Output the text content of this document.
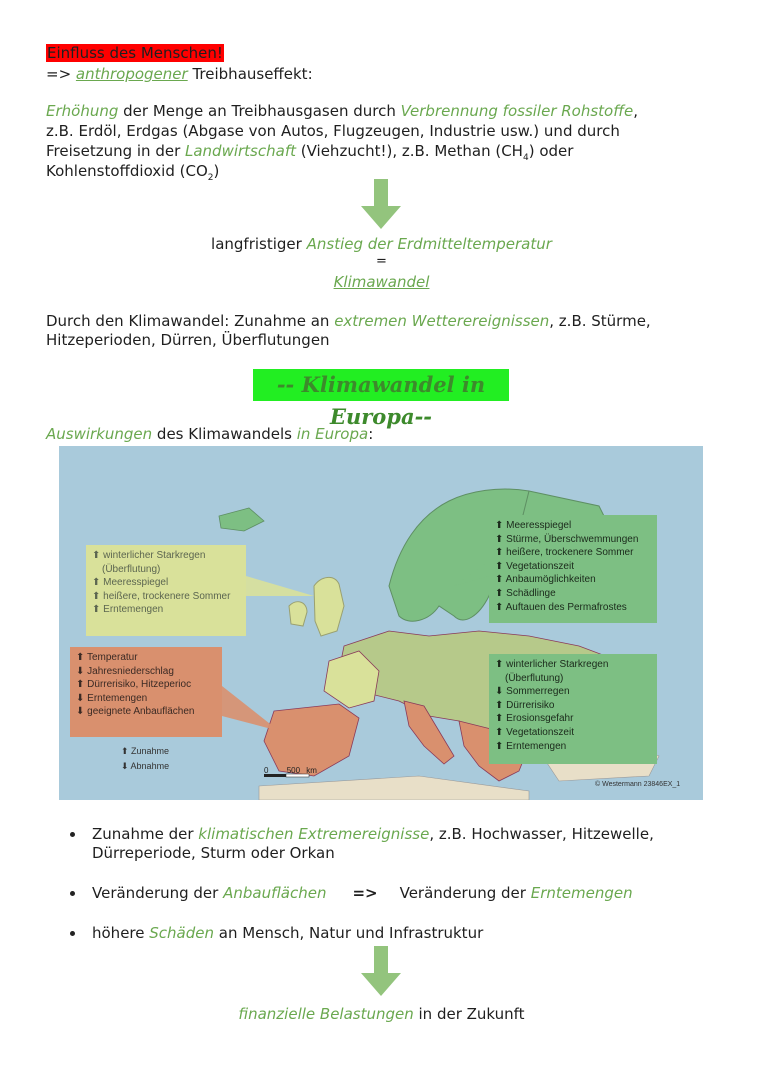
Einfluss des Menschen!
=> anthropogener Treibhauseffekt:
Erhöhung der Menge an Treibhausgasen durch Verbrennung fossiler Rohstoffe,
z.B. Erdöl, Erdgas (Abgase von Autos, Flugzeugen, Industrie usw.) und durch
Freisetzung in der Landwirtschaft (Viehzucht!), z.B. Methan $(CH_4)$ oder
Kohlenstoffdioxid $(CO_2)$
langfristiger Anstieg der Erdmitteltemperatur
=
Klimawandel
Durch den Klimawandel: Zunahme an extremen Wetterereignissen, z.B. Stürme,
Hitzeperioden, Dürren, Überflutungen
-- Klimawandel in Europa--
Auswirkungen des Klimawandels in Europa:
⬆ Meeresspiegel
⬆ Stürme, Überschwemmungen
⬆ heißere, trockenere Sommer
⬆ Vegetationszeit
⬆ Anbaumöglichkeiten
⬆ Schädlinge
⬆ Auftauen des Permafrostes
⬆ winterlicher Starkregen
(Überflutung)
⬆ Meeresspiegel
⬆ heißere, trockenere Sommer
⬆ Erntemengen
⬆ Temperatur
⬇ Jahresniederschlag
⬆ Dürrerisiko, Hitzeperioc
⬇ Erntemengen
⬇ geeignete Anbauflächen
⬆ winterlicher Starkregen
(Überflutung)
⬇ Sommerregen
⬆ Dürrerisiko
⬆ Erosionsgefahr
⬆ Vegetationszeit
⬆ Erntemengen
⬆ Zunahme
⬇ Abnahme	0 500 km
© Westermann 23846EX_1
Zunahme der klimatischen Extremereignisse, z.B. Hochwasser, Hitzewelle,
Dürreperiode, Sturm oder Orkan
Veränderung der Anbauflächen => Veränderung der Erntemengen
höhere Schäden an Mensch, Natur und Infrastruktur
finanzielle Belastungen in der Zukunft
